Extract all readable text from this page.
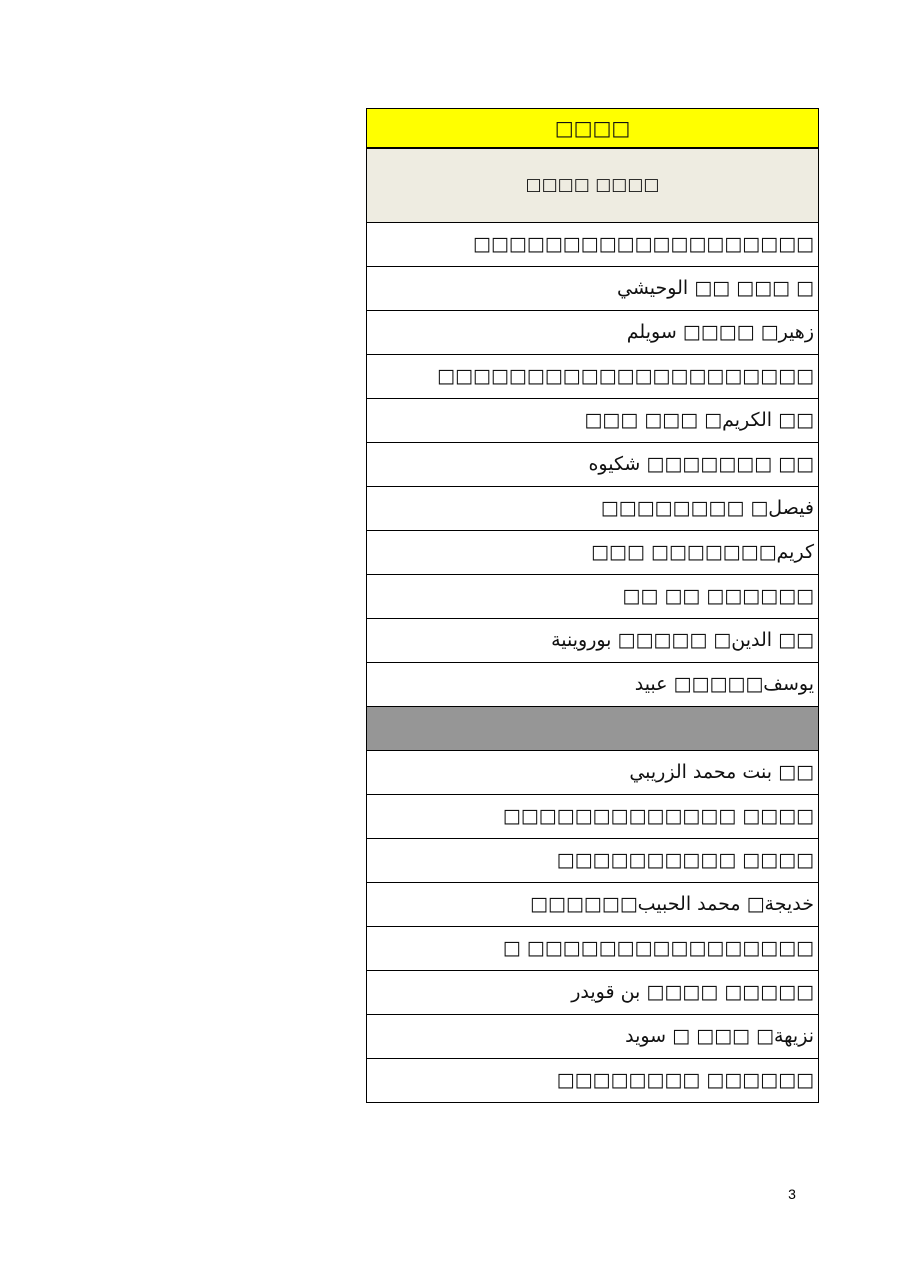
□□□□
□□□□ □□□□
□□□□□□□□□□□□□□□□□□□
□ □□□ □□ الوحيشي
زهير□ □□□□ سويلم
□□□□□□□□□□□□□□□□□□□□□
□□ الكريم□ □□□ □□□
□□ □□□□□□□ شكيوه
فيصل□ □□□□□□□□
كريم□□□□□□□ □□□
□□□□□□ □□ □□
□□ الدين□ □□□□□ بوروينية
يوسف□□□□□ عبيد

□□ بنت محمد الزريبي
□□□□ □□□□□□□□□□□□□
□□□□ □□□□□□□□□□
خديجة□ محمد الحبيب□□□□□□
□□□□□□□□□□□□□□□□ □
□□□□□ □□□□ بن قويدر
نزيهة□ □□□ □ سويد
□□□□□□ □□□□□□□□
3
